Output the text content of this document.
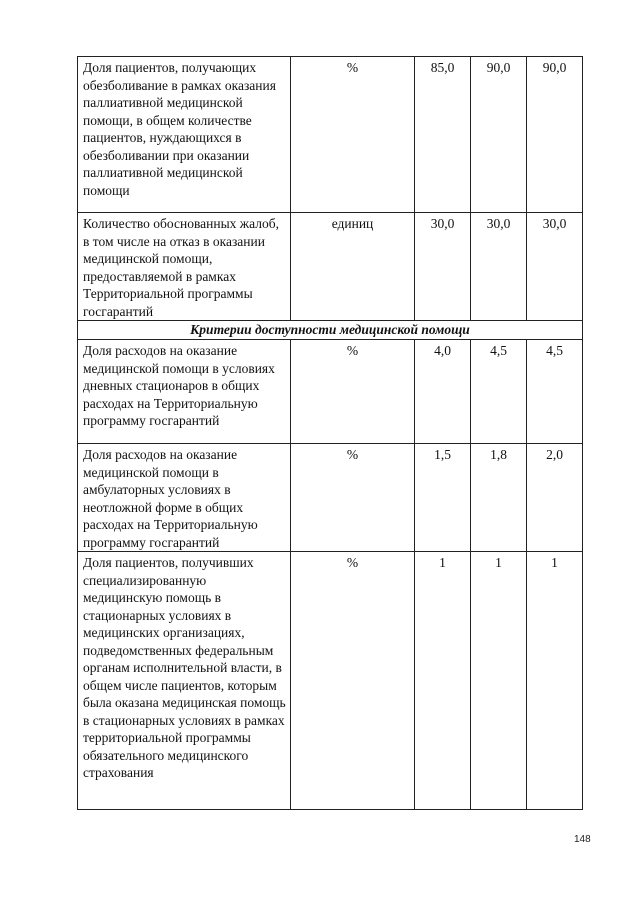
Доля пациентов, получающих обезболивание в рамках оказания паллиативной медицинской помощи, в общем количестве пациентов, нуждающихся в обезболивании при оказании паллиативной медицинской помощи	%	85,0	90,0	90,0
Количество обоснованных жалоб, в том числе на отказ в оказании медицинской помощи, предоставляемой в рамках Территориальной программы госгарантий	единиц	30,0	30,0	30,0
Критерии доступности медицинской помощи				
Доля расходов на оказание медицинской помощи в условиях дневных стационаров в общих расходах на Территориальную программу госгарантий	%	4,0	4,5	4,5
Доля расходов на оказание медицинской помощи в амбулаторных условиях в неотложной форме в общих расходах на Территориальную программу госгарантий	%	1,5	1,8	2,0
Доля пациентов, получивших специализированную медицинскую помощь в стационарных условиях в медицинских организациях, подведомственных федеральным органам исполнительной власти, в общем числе пациентов, которым была оказана медицинская помощь в стационарных условиях в рамках территориальной программы обязательного медицинского страхования	%	1	1	1
148
